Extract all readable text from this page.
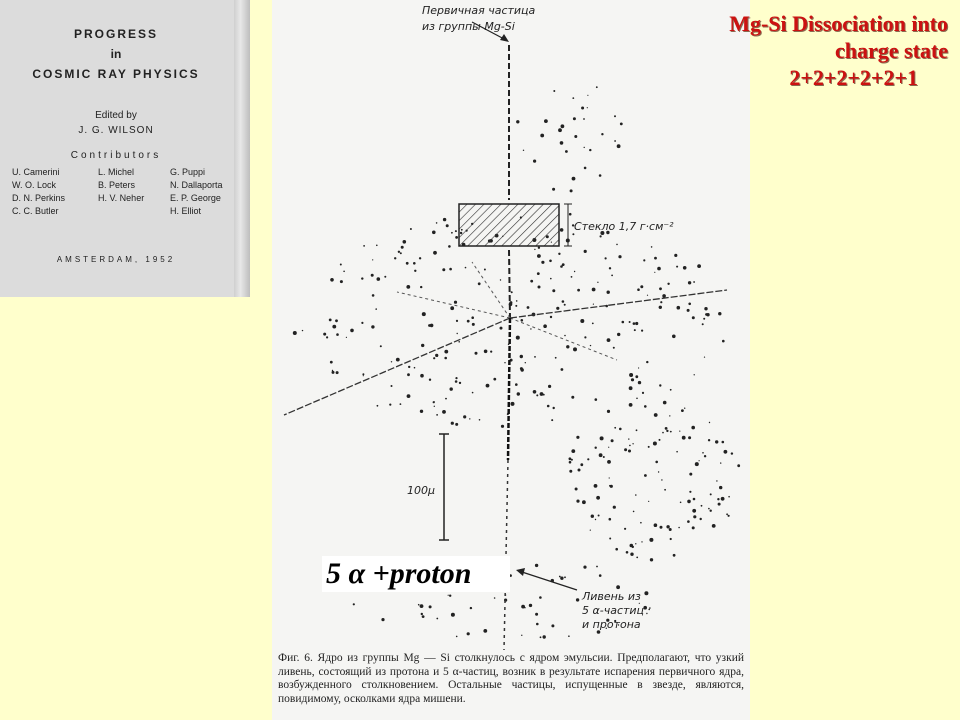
PROGRESS
in
COSMIC RAY PHYSICS
Edited by
J. G. WILSON
Contributors
U. Camerini
W. O. Lock
D. N. Perkins
C. C. Butler
L. Michel
B. Peters
H. V. Neher
G. Puppi
N. Dallaporta
E. P. George
H. Elliot
AMSTERDAM, 1952
Первичная частица
из группы Mg-Si
Стекло 1,7 г·см⁻²
100μ
Ливень из
5 α-частиц
и протона
Фиг. 6. Ядро из группы Mg — Si столкнулось с ядром эмульсии. Предполагают, что узкий ливень, состоящий из протона и 5 α-частиц, возник в результате испарения первичного ядра, возбужденного столкновением. Остальные частицы, испущенные в звезде, являются, повидимому, осколками ядра мишени.
Mg-Si Dissociation into
charge state
2+2+2+2+2+1
5 α +proton
